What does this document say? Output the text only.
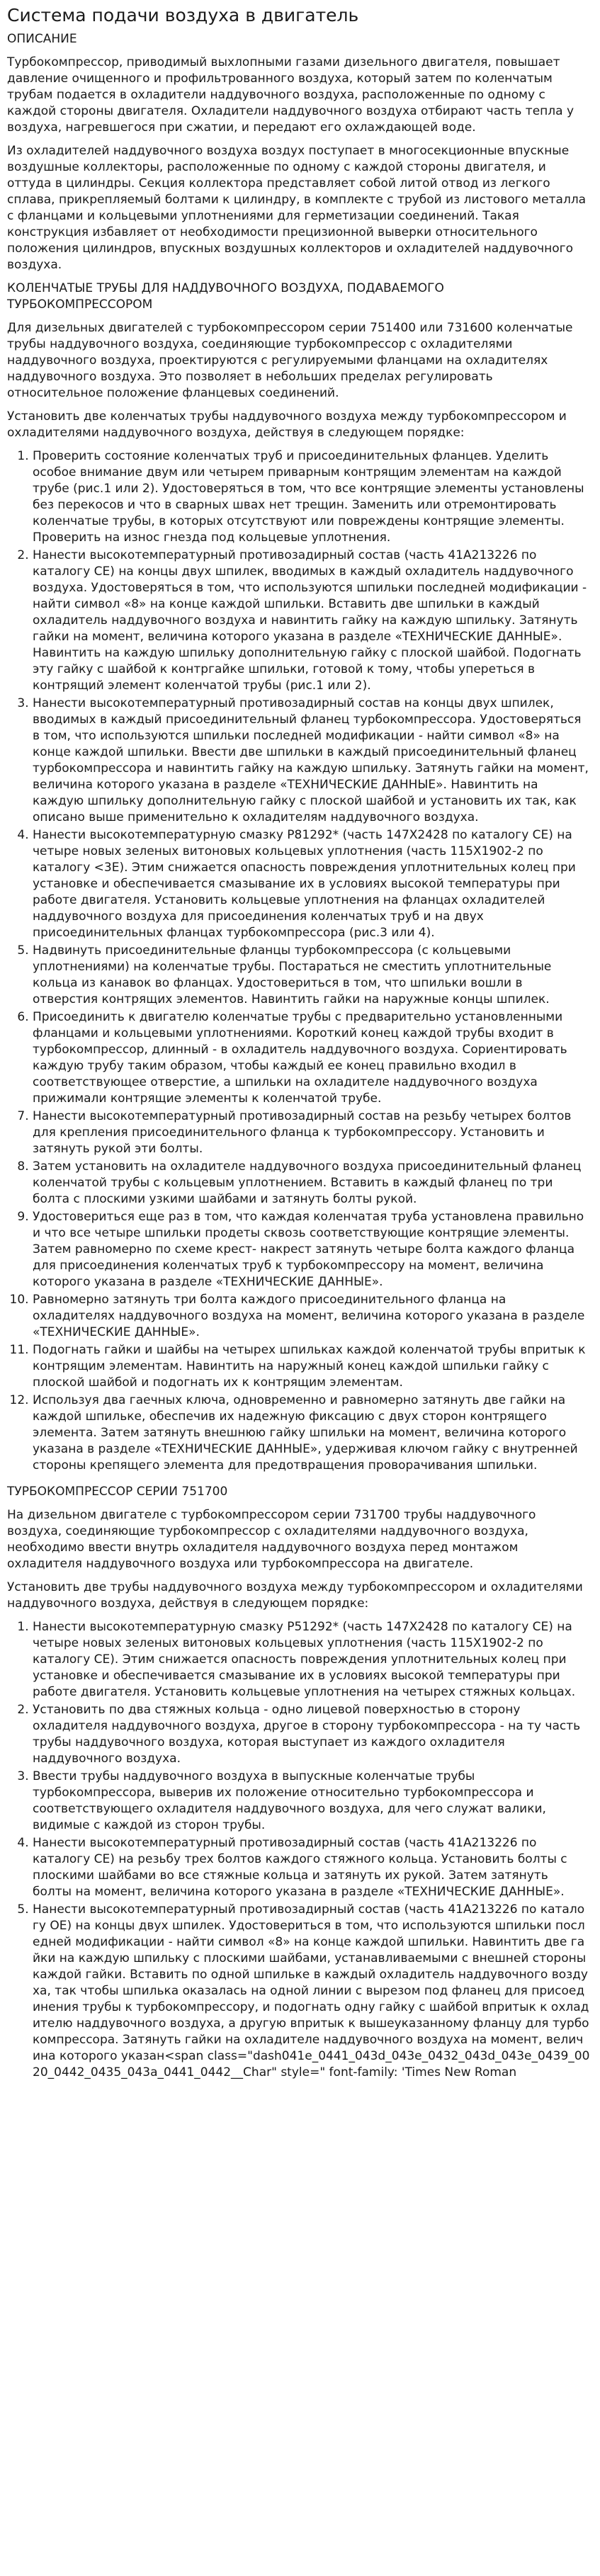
Система подачи воздуха в двигатель
ОПИСАНИЕ

Турбокомпрессор, приводимый выхлопными газами дизельного двигателя, повышает давление очищенного и профильтрованного воздуха, который затем по коленчатым трубам подается в охладители наддувочного воздуха, расположенные по одному с каждой стороны двигателя. Охладители наддувочного воздуха отбирают часть тепла у воздуха, нагревшегося при сжатии, и передают его охлаждающей воде.

Из охладителей наддувочного воздуха воздух поступает в многосекционные впускные воздушные коллекторы, расположенные по одному с каждой стороны двигателя, и оттуда в цилиндры. Секция коллектора представляет собой литой отвод из легкого сплава, прикрепляемый болтами к цилиндру, в комплекте с трубой из листового металла с фланцами и кольцевыми уплотнениями для герметизации соединений. Такая конструкция избавляет от необходимости прецизионной выверки относительного положения цилиндров, впускных воздушных коллекторов и охладителей наддувочного воздуха.

КОЛЕНЧАТЫЕ ТРУБЫ ДЛЯ НАДДУВОЧНОГО ВОЗДУХА, ПОДАВАЕМОГО ТУРБОКОМПРЕССОРОМ

Для дизельных двигателей с турбокомпрессором серии 751400 или 731600 коленчатые трубы наддувочного воздуха, соединяющие турбокомпрессор с охладителями наддувочного воздуха, проектируются с регулируемыми фланцами на охладителях наддувочного воздуха. Это позволяет в небольших пределах регулировать относительное положение фланцевых соединений.

Установить две коленчатых трубы наддувочного воздуха между турбокомпрессором и охладителями наддувочного воздуха, действуя в следующем порядке:

1. Проверить состояние коленчатых труб и присоединительных фланцев. Уделить особое внимание двум или четырем приварным контрящим элементам на каждой трубе (рис.1 или 2). Удостоверяться в том, что все контрящие элементы установлены без перекосов и что в сварных швах нет трещин. Заменить или отремонтировать коленчатые трубы, в которых отсутствуют или повреждены контрящие элементы. Проверить на износ гнезда под кольцевые уплотнения.
2. Нанести высокотемпературный противозадирный состав (часть 41A213226 по каталогу CE) на концы двух шпилек, вводимых в каждый охладитель наддувочного воздуха. Удостоверяться в том, что используются шпильки последней модификации - найти символ «8» на конце каждой шпильки. Вставить две шпильки в каждый охладитель наддувочного воздуха и навинтить гайку на каждую шпильку. Затянуть гайки на момент, величина которого указана в разделе «ТЕХНИЧЕСКИЕ ДАННЫЕ». Навинтить на каждую шпильку дополнительную гайку с плоской шайбой. Подогнать эту гайку с шайбой к контргайке шпильки, готовой к тому, чтобы упереться в контрящий элемент коленчатой трубы (рис.1 или 2).
3. Нанести высокотемпературный противозадирный состав на концы двух шпилек, вводимых в каждый присоединительный фланец турбокомпрессора. Удостоверяться в том, что используются шпильки последней модификации - найти символ «8» на конце каждой шпильки. Ввести две шпильки в каждый присоединительный фланец турбокомпрессора и навинтить гайку на каждую шпильку. Затянуть гайки на момент, величина которого указана в разделе «ТЕХНИЧЕСКИЕ ДАННЫЕ». Навинтить на каждую шпильку дополнительную гайку с плоской шайбой и установить их так, как описано выше применительно к охладителям наддувочного воздуха.
4. Нанести высокотемпературную смазку P81292* (часть 147X2428 по каталогу CE) на четыре новых зеленых витоновых кольцевых уплотнения (часть 115X1902-2 по каталогу <3E). Этим снижается опасность повреждения уплотнительных колец при установке и обеспечивается смазывание их в условиях высокой температуры при работе двигателя. Установить кольцевые уплотнения на фланцах охладителей наддувочного воздуха для присоединения коленчатых труб и на двух присоединительных фланцах турбокомпрессора (рис.3 или 4).
5. Надвинуть присоединительные фланцы турбокомпрессора (с кольцевыми уплотнениями) на коленчатые трубы. Постараться не сместить уплотнительные кольца из канавок во фланцах. Удостовериться в том, что шпильки вошли в отверстия контрящих элементов. Навинтить гайки на наружные концы шпилек.
6. Присоединить к двигателю коленчатые трубы с предварительно установленными фланцами и кольцевыми уплотнениями. Короткий конец каждой трубы входит в турбокомпрессор, длинный - в охладитель наддувочного воздуха. Сориентировать каждую трубу таким образом, чтобы каждый ее конец правильно входил в соответствующее отверстие, а шпильки на охладителе наддувочного воздуха прижимали контрящие элементы к коленчатой трубе.
7. Нанести высокотемпературный противозадирный состав на резьбу четырех болтов для крепления присоединительного фланца к турбокомпрессору. Установить и затянуть рукой эти болты.
8. Затем установить на охладителе наддувочного воздуха присоединительный фланец коленчатой трубы с кольцевым уплотнением. Вставить в каждый фланец по три болта с плоскими узкими шайбами и затянуть болты рукой.
9. Удостовериться еще раз в том, что каждая коленчатая труба установлена правильно и что все четыре шпильки продеты сквозь соответствующие контрящие элементы. Затем равномерно по схеме крест- накрест затянуть четыре болта каждого фланца для присоединения коленчатых труб к турбокомпрессору на момент, величина которого указана в разделе «ТЕХНИЧЕСКИЕ ДАННЫЕ».
10. Равномерно затянуть три болта каждого присоединительного фланца на охладителях наддувочного воздуха на момент, величина которого указана в разделе «ТЕХНИЧЕСКИЕ ДАННЫЕ».
11. Подогнать гайки и шайбы на четырех шпильках каждой коленчатой трубы впритык к контрящим элементам. Навинтить на наружный конец каждой шпильки гайку с плоской шайбой и подогнать их к контрящим элементам.
12. Используя два гаечных ключа, одновременно и равномерно затянуть две гайки на каждой шпильке, обеспечив их надежную фиксацию с двух сторон контрящего элемента. Затем затянуть внешнюю гайку шпильки на момент, величина которого указана в разделе «ТЕХНИЧЕСКИЕ ДАННЫЕ», удерживая ключом гайку с внутренней стороны крепящего элемента для предотвращения проворачивания шпильки.
ТУРБОКОМПРЕССОР СЕРИИ 751700

На дизельном двигателе с турбокомпрессором серии 731700 трубы наддувочного воздуха, соединяющие турбокомпрессор с охладителями наддувочного воздуха, необходимо ввести внутрь охладителя наддувочного воздуха перед монтажом охладителя наддувочного воздуха или турбокомпрессора на двигателе.

Установить две трубы наддувочного воздуха между турбокомпрессором и охладителями наддувочного воздуха, действуя в следующем порядке:

1. Нанести высокотемпературную смазку P51292* (часть 147X2428 по каталогу CE) на четыре новых зеленых витоновых кольцевых уплотнения (часть 115X1902-2 по каталогу CE). Этим снижается опасность повреждения уплотнительных колец при установке и обеспечивается смазывание их в условиях высокой температуры при работе двигателя. Установить кольцевые уплотнения на четырех стяжных кольцах.
2. Установить по два стяжных кольца - одно лицевой поверхностью в сторону охладителя наддувочного воздуха, другое в сторону турбокомпрессора - на ту часть трубы наддувочного воздуха, которая выступает из каждого охладителя наддувочного воздуха.
3. Ввести трубы наддувочного воздуха в выпускные коленчатые трубы турбокомпрессора, выверив их положение относительно турбокомпрессора и соответствующего охладителя наддувочного воздуха, для чего служат валики, видимые с каждой из сторон трубы.
4. Нанести высокотемпературный противозадирный состав (часть 41A213226 по каталогу CE) на резьбу трех болтов каждого стяжного кольца. Установить болты с плоскими шайбами во все стяжные кольца и затянуть их рукой. Затем затянуть болты на момент, величина которого указана в разделе «ТЕХНИЧЕСКИЕ ДАННЫЕ».
5. Нанести высокотемпературный противозадирный состав (часть 41A213226 по каталогу OE) на концы двух шпилек. Удостовериться в том, что используются шпильки последней модификации - найти символ «8» на конце каждой шпильки. Навинтить две гайки на каждую шпильку с плоскими шайбами, устанавливаемыми с внешней стороны каждой гайки. Вставить по одной шпильке в каждый охладитель наддувочного воздуха, так чтобы шпилька оказалась на одной линии с вырезом под фланец для присоединения трубы к турбокомпрессору, и подогнать одну гайку с шайбой впритык к охладителю наддувочного воздуха, а другую впритык к вышеуказанному фланцу для турбокомпрессора. Затянуть гайки на охладителе наддувочного воздуха на момент, величина которого указан<span class="dash041e_0441_043d_043e_0432_043d_043e_0439_0020_0442_0435_043a_0441_0442__Char" style=" font-family: 'Times New Roman
